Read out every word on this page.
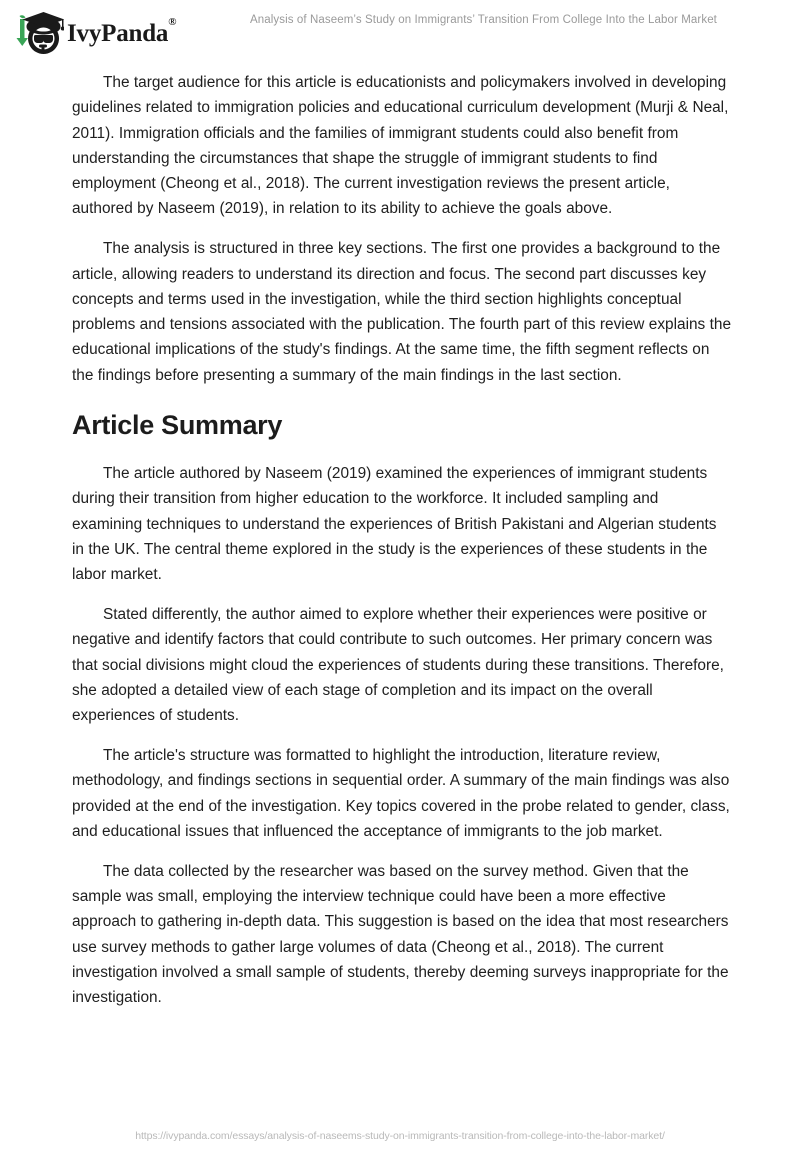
IvyPanda®	Analysis of Naseem’s Study on Immigrants’ Transition From College Into the Labor Market

The target audience for this article is educationists and policymakers involved in developing guidelines related to immigration policies and educational curriculum development (Murji & Neal, 2011). Immigration officials and the families of immigrant students could also benefit from understanding the circumstances that shape the struggle of immigrant students to find employment (Cheong et al., 2018). The current investigation reviews the present article, authored by Naseem (2019), in relation to its ability to achieve the goals above.

The analysis is structured in three key sections. The first one provides a background to the article, allowing readers to understand its direction and focus. The second part discusses key concepts and terms used in the investigation, while the third section highlights conceptual problems and tensions associated with the publication. The fourth part of this review explains the educational implications of the study's findings. At the same time, the fifth segment reflects on the findings before presenting a summary of the main findings in the last section.

Article Summary

The article authored by Naseem (2019) examined the experiences of immigrant students during their transition from higher education to the workforce. It included sampling and examining techniques to understand the experiences of British Pakistani and Algerian students in the UK. The central theme explored in the study is the experiences of these students in the labor market.

Stated differently, the author aimed to explore whether their experiences were positive or negative and identify factors that could contribute to such outcomes. Her primary concern was that social divisions might cloud the experiences of students during these transitions. Therefore, she adopted a detailed view of each stage of completion and its impact on the overall experiences of students.

The article's structure was formatted to highlight the introduction, literature review, methodology, and findings sections in sequential order. A summary of the main findings was also provided at the end of the investigation. Key topics covered in the probe related to gender, class, and educational issues that influenced the acceptance of immigrants to the job market.

The data collected by the researcher was based on the survey method. Given that the sample was small, employing the interview technique could have been a more effective approach to gathering in-depth data. This suggestion is based on the idea that most researchers use survey methods to gather large volumes of data (Cheong et al., 2018). The current investigation involved a small sample of students, thereby deeming surveys inappropriate for the investigation.

https://ivypanda.com/essays/analysis-of-naseems-study-on-immigrants-transition-from-college-into-the-labor-market/
